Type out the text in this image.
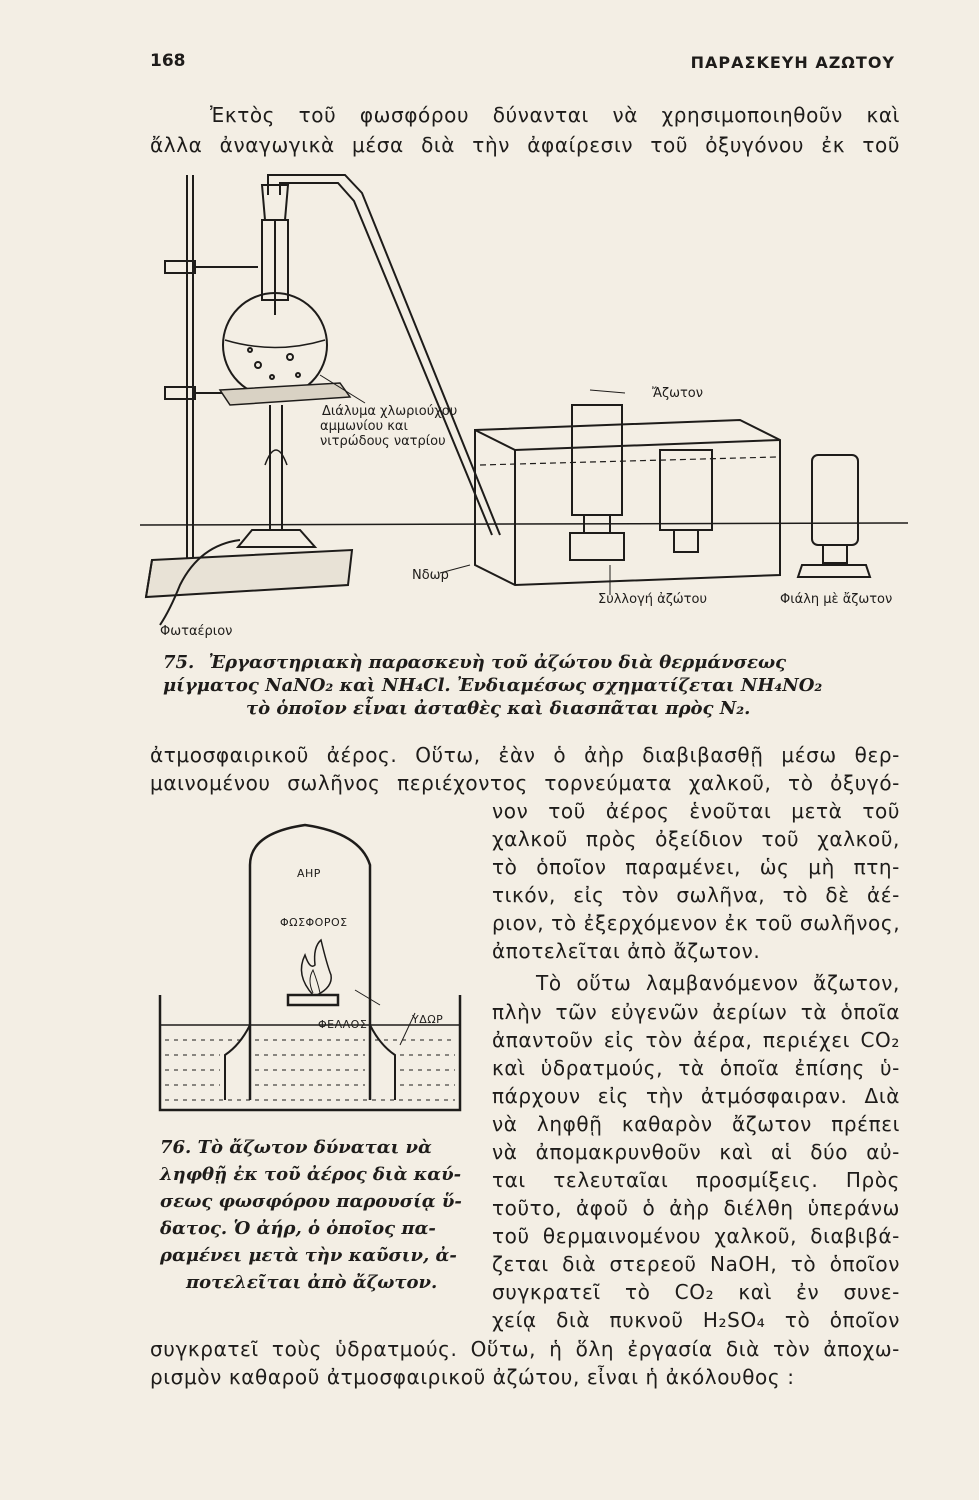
168	ΠΑΡΑΣΚΕΥΗ ΑΖΩΤΟΥ
Ἐκτὸς τοῦ φωσφόρου δύνανται νὰ χρησιμοποιηθοῦν καὶ
ἄλλα ἀναγωγικὰ μέσα διὰ τὴν ἀφαίρεσιν τοῦ ὀξυγόνου ἐκ τοῦ
Διάλυμα χλωριούχου
αμμωνίου και
νιτρώδους νατρίου
Ἄζωτον
Νδωρ
Συλλογή ἀζώτου	Φιάλη μὲ ἄζωτον
Φωταέριον
75. Ἐργαστηριακὴ παρασκευὴ τοῦ ἀζώτου διὰ θερμάνσεως
μίγματος NaNO₂ καὶ NH₄Cl. Ἐνδιαμέσως σχηματίζεται NH₄NO₂
τὸ ὁποῖον εἶναι ἀσταθὲς καὶ διασπᾶται πρὸς N₂.
ἀτμοσφαιρικοῦ ἀέρος. Οὕτω, ἐὰν ὁ ἀὴρ διαβιβασθῇ μέσω θερ-
μαινομένου σωλῆνος περιέχοντος τορνεύματα χαλκοῦ, τὸ ὀξυγό-
νον τοῦ ἀέρος ἑνοῦται μετὰ τοῦ
χαλκοῦ πρὸς ὀξείδιον τοῦ χαλκοῦ,
τὸ ὁποῖον παραμένει, ὡς μὴ πτη-
τικόν, εἰς τὸν σωλῆνα, τὸ δὲ ἀέ-
ριον, τὸ ἐξερχόμενον ἐκ τοῦ σωλῆνος,
ἀποτελεῖται ἀπὸ ἄζωτον.
Τὸ οὕτω λαμβανόμενον ἄζωτον,
πλὴν τῶν εὐγενῶν ἀερίων τὰ ὁποῖα
ἀπαντοῦν εἰς τὸν ἀέρα, περιέχει CO₂
καὶ ὑδρατμούς, τὰ ὁποῖα ἐπίσης ὑ-
πάρχουν εἰς τὴν ἀτμόσφαιραν. Διὰ
νὰ ληφθῇ καθαρὸν ἄζωτον πρέπει
νὰ ἀπομακρυνθοῦν καὶ αἱ δύο αὐ-
ται τελευταῖαι προσμίξεις. Πρὸς
τοῦτο, ἀφοῦ ὁ ἀὴρ διέλθη ὑπεράνω
τοῦ θερμαινομένου χαλκοῦ, διαβιβά-
ζεται διὰ στερεοῦ NaOH, τὸ ὁποῖον
συγκρατεῖ τὸ CO₂ καὶ ἐν συνε-
χείᾳ διὰ πυκνοῦ H₂SO₄ τὸ ὁποῖον
ΑΗΡ
ΦΩΣΦΟΡΟΣ
ΦΕΛΛΟΣ	ΥΔΩΡ
76. Τὸ ἄζωτον δύναται νὰ
ληφθῇ ἐκ τοῦ ἀέρος διὰ καύ-
σεως φωσφόρου παρουσίᾳ ὕ-
δατος. Ὁ ἀήρ, ὁ ὁποῖος πα-
ραμένει μετὰ τὴν καῦσιν, ἀ-
ποτελεῖται ἀπὸ ἄζωτον.
συγκρατεῖ τοὺς ὑδρατμούς. Οὕτω, ἡ ὅλη ἐργασία διὰ τὸν ἀποχω-
ρισμὸν καθαροῦ ἀτμοσφαιρικοῦ ἀζώτου, εἶναι ἡ ἀκόλουθος :
